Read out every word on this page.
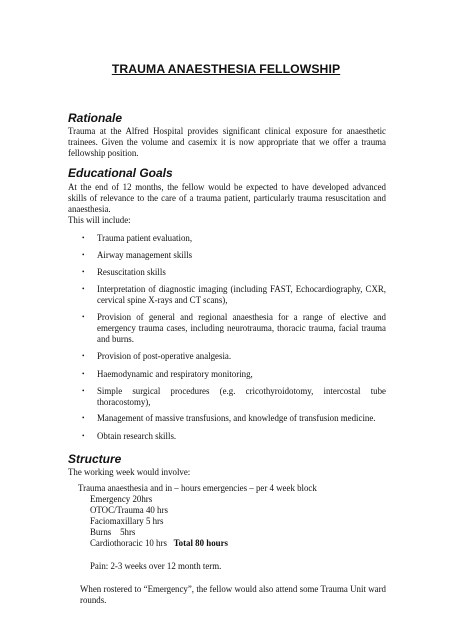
TRAUMA ANAESTHESIA FELLOWSHIP
Rationale
Trauma at the Alfred Hospital provides significant clinical exposure for anaesthetic trainees. Given the volume and casemix it is now appropriate that we offer a trauma fellowship position.
Educational Goals
At the end of 12 months, the fellow would be expected to have developed advanced skills of relevance to the care of a trauma patient, particularly trauma resuscitation and anaesthesia.
This will include:
•	Trauma patient evaluation,
•	Airway management skills
•	Resuscitation skills
•	Interpretation of diagnostic imaging (including FAST, Echocardiography, CXR, cervical spine X-rays and CT scans),
•	Provision of general and regional anaesthesia for a range of elective and emergency trauma cases, including neurotrauma, thoracic trauma, facial trauma and burns.
•	Provision of post-operative analgesia.
•	Haemodynamic and respiratory monitoring,
•	Simple surgical procedures (e.g. cricothyroidotomy, intercostal tube thoracostomy),
•	Management of massive transfusions, and knowledge of transfusion medicine.
•	Obtain research skills.
Structure
The working week would involve:
Trauma anaesthesia and in – hours emergencies – per 4 week block
Emergency 20hrs
OTOC/Trauma 40 hrs
Faciomaxillary 5 hrs
Burns    5hrs
Cardiothoracic 10 hrs Total 80 hours
Pain: 2-3 weeks over 12 month term.
When rostered to “Emergency”, the fellow would also attend some Trauma Unit ward rounds.
